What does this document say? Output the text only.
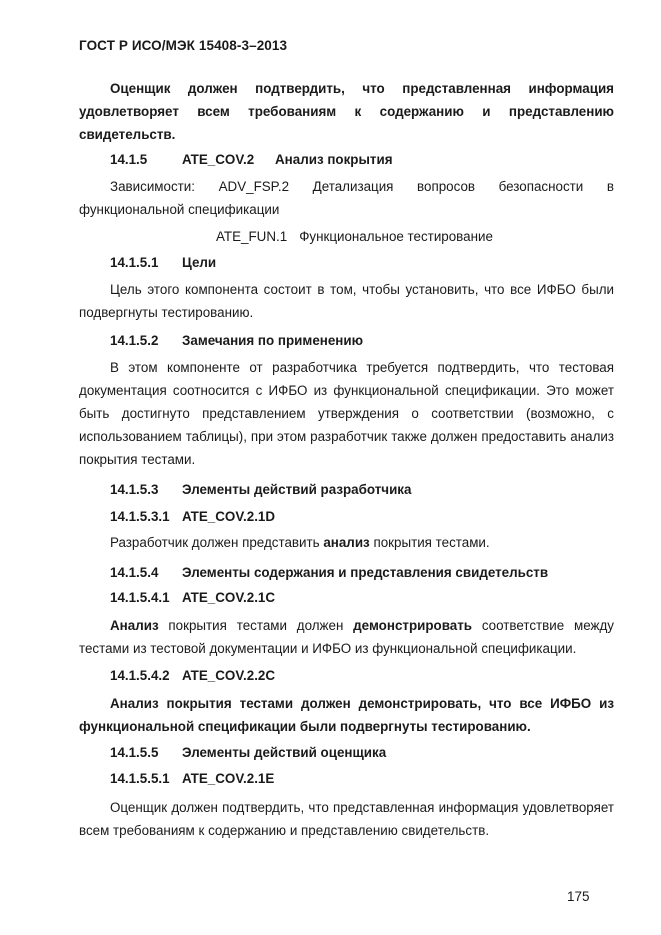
ГОСТ Р ИСО/МЭК 15408-3–2013
Оценщик должен подтвердить, что представленная информация удовлетворяет всем требованиям к содержанию и представлению свидетельств.
14.1.5	ATE_COV.2 Анализ покрытия
Зависимости: ADV_FSP.2 Детализация вопросов безопасности в
функциональной спецификации
ATE_FUN.1 Функциональное тестирование
14.1.5.1 Цели
Цель этого компонента состоит в том, чтобы установить, что все ИФБО были подвергнуты тестированию.
14.1.5.2 Замечания по применению
В этом компоненте от разработчика требуется подтвердить, что тестовая документация соотносится с ИФБО из функциональной спецификации. Это может быть достигнуто представлением утверждения о соответствии (возможно, с использованием таблицы), при этом разработчик также должен предоставить анализ покрытия тестами.
14.1.5.3 Элементы действий разработчика
14.1.5.3.1 ATE_COV.2.1D
Разработчик должен представить анализ покрытия тестами.
14.1.5.4 Элементы содержания и представления свидетельств
14.1.5.4.1 ATE_COV.2.1C
Анализ покрытия тестами должен демонстрировать соответствие между тестами из тестовой документации и ИФБО из функциональной спецификации.
14.1.5.4.2 ATE_COV.2.2C
Анализ покрытия тестами должен демонстрировать, что все ИФБО из функциональной спецификации были подвергнуты тестированию.
14.1.5.5 Элементы действий оценщика
14.1.5.5.1 ATE_COV.2.1E
Оценщик должен подтвердить, что представленная информация удовлетворяет всем требованиям к содержанию и представлению свидетельств.
175
